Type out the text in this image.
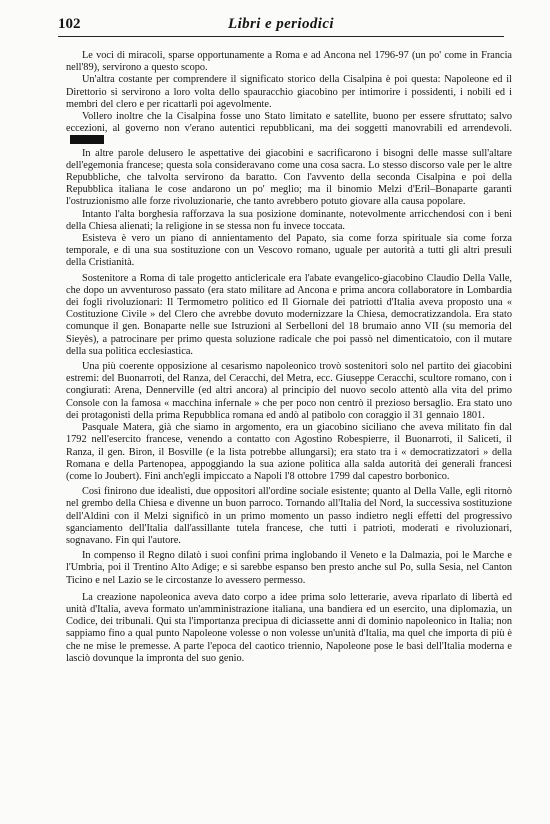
102	Libri e periodici

Le voci di miracoli, sparse opportunamente a Roma e ad Ancona nel 1796-97 (un po' come in Francia nell'89), servirono a questo scopo.

Un'altra costante per comprendere il significato storico della Cisalpina è poi questa: Napoleone ed il Direttorio si servirono a loro volta dello spauracchio giacobino per intimorire i possidenti, i nobili ed i membri del clero e per ricattarli poi agevolmente.

Vollero inoltre che la Cisalpina fosse uno Stato limitato e satellite, buono per essere sfruttato; salvo eccezioni, al governo non v'erano autentici repubblicani, ma dei soggetti manovrabili ed arrendevoli.

In altre parole delusero le aspettative dei giacobini e sacrificarono i bisogni delle masse sull'altare dell'egemonia francese; questa sola consideravano come una cosa sacra. Lo stesso discorso vale per le altre Repubbliche, che talvolta servirono da baratto. Con l'avvento della seconda Cisalpina e poi della Repubblica italiana le cose andarono un po' meglio; ma il binomio Melzi d'Eril–Bonaparte garantì l'ostruzionismo alle forze rivoluzionarie, che tanto avrebbero potuto giovare alla causa popolare.

Intanto l'alta borghesia rafforzava la sua posizione dominante, notevolmente arricchendosi con i beni della Chiesa alienati; la religione in se stessa non fu invece toccata.

Esisteva è vero un piano di annientamento del Papato, sia come forza spirituale sia come forza temporale, e di una sua sostituzione con un Vescovo romano, uguale per autorità a tutti gli altri presuli della Cristianità.

Sostenitore a Roma di tale progetto anticlericale era l'abate evangelico-giacobino Claudio Della Valle, che dopo un avventuroso passato (era stato militare ad Ancona e prima ancora collaboratore in Lombardia dei fogli rivoluzionari: Il Termometro politico ed Il Giornale dei patriotti d'Italia aveva proposto una « Costituzione Civile » del Clero che avrebbe dovuto modernizzare la Chiesa, democratizzandola. Era stato comunque il gen. Bonaparte nelle sue Istruzioni al Serbelloni del 18 brumaio anno VII (su memoria del Sieyès), a patrocinare per primo questa soluzione radicale che poi passò nel dimenticatoio, con il mutare della sua politica ecclesiastica.

Una più coerente opposizione al cesarismo napoleonico trovò sostenitori solo nel partito dei giacobini estremi: del Buonarroti, del Ranza, del Ceracchi, del Metra, ecc. Giuseppe Ceracchi, scultore romano, con i congiurati: Arena, Dennerville (ed altri ancora) al principio del nuovo secolo attentò alla vita del primo Console con la famosa « macchina infernale » che per poco non centrò il prezioso bersaglio. Era stato uno dei protagonisti della prima Repubblica romana ed andò al patibolo con coraggio il 31 gennaio 1801.

Pasquale Matera, già che siamo in argomento, era un giacobino siciliano che aveva militato fin dal 1792 nell'esercito francese, venendo a contatto con Agostino Robespierre, il Buonarroti, il Saliceti, il Ranza, il gen. Biron, il Bosville (e la lista potrebbe allungarsi); era stato tra i « democratizzatori » della Romana e della Partenopea, appoggiando la sua azione politica alla salda autorità dei generali francesi (come lo Joubert). Finì anch'egli impiccato a Napoli l'8 ottobre 1799 dal capestro borbonico.

Così finirono due idealisti, due oppositori all'ordine sociale esistente; quanto al Della Valle, egli ritornò nel grembo della Chiesa e divenne un buon parroco. Tornando all'Italia del Nord, la successiva sostituzione dell'Aldini con il Melzi significò in un primo momento un passo indietro negli effetti del progressivo sganciamento dell'Italia dall'assillante tutela francese, che tutti i patrioti, moderati e rivoluzionari, sognavano. Fin qui l'autore.

In compenso il Regno dilatò i suoi confini prima inglobando il Veneto e la Dalmazia, poi le Marche e l'Umbria, poi il Trentino Alto Adige; e si sarebbe espanso ben presto anche sul Po, sulla Sesia, nel Canton Ticino e nel Lazio se le circostanze lo avessero permesso.

La creazione napoleonica aveva dato corpo a idee prima solo letterarie, aveva riparlato di libertà ed unità d'Italia, aveva formato un'amministrazione italiana, una bandiera ed un esercito, una diplomazia, un Codice, dei tribunali. Qui sta l'importanza precipua di diciassette anni di dominio napoleonico in Italia; non sappiamo fino a qual punto Napoleone volesse o non volesse un'unità d'Italia, ma quel che importa di più è che ne mise le premesse. A parte l'epoca del caotico triennio, Napoleone pose le basi dell'Italia moderna e lasciò dovunque la impronta del suo genio.
